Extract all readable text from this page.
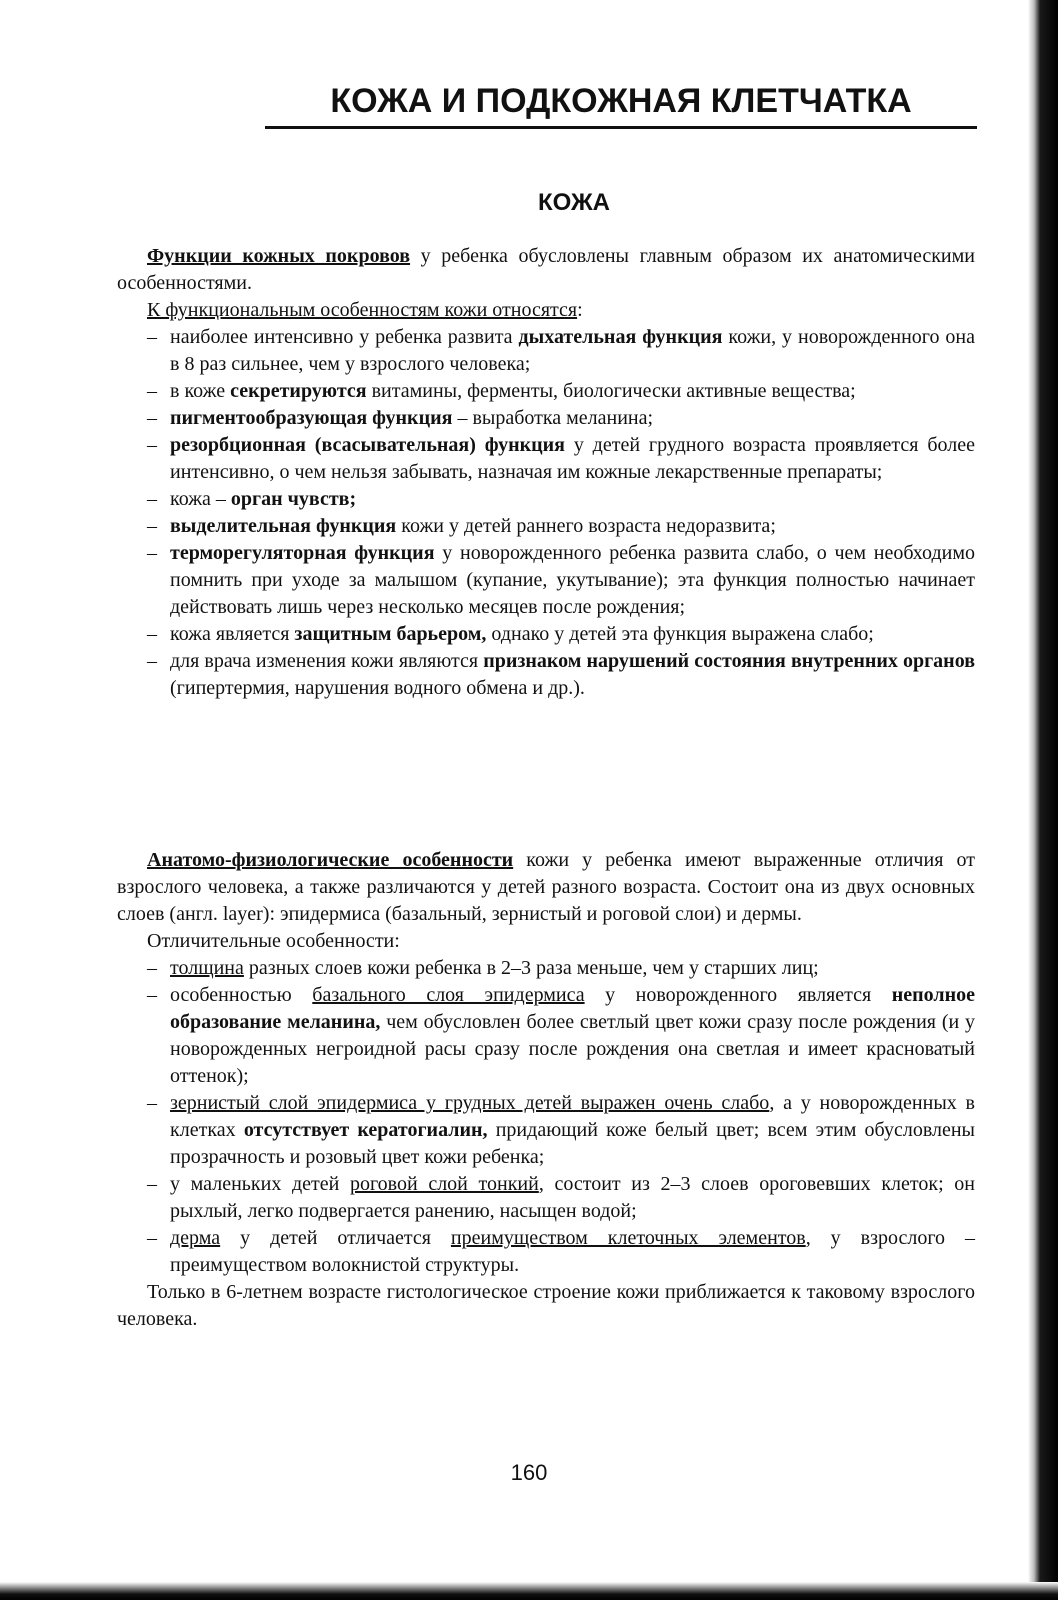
КОЖА И ПОДКОЖНАЯ КЛЕТЧАТКА
КОЖА

Функции кожных покровов у ребенка обусловлены главным образом их анатомическими особенностями.

К функциональным особенностям кожи относятся:

– наиболее интенсивно у ребенка развита дыхательная функция кожи, у новорожденного она в 8 раз сильнее, чем у взрослого человека;
– в коже секретируются витамины, ферменты, биологически активные вещества;
– пигментообразующая функция – выработка меланина;
– резорбционная (всасывательная) функция у детей грудного возраста проявляется более интенсивно, о чем нельзя забывать, назначая им кожные лекарственные препараты;
– кожа – орган чувств;
– выделительная функция кожи у детей раннего возраста недоразвита;
– терморегуляторная функция у новорожденного ребенка развита слабо, о чем необходимо помнить при уходе за малышом (купание, укутывание); эта функция полностью начинает действовать лишь через несколько месяцев после рождения;
– кожа является защитным барьером, однако у детей эта функция выражена слабо;
– для врача изменения кожи являются признаком нарушений состояния внутренних органов (гипертермия, нарушения водного обмена и др.).

Анатомо-физиологические особенности кожи у ребенка имеют выраженные отличия от взрослого человека, а также различаются у детей разного возраста. Состоит она из двух основных слоев (англ. layer): эпидермиса (базальный, зернистый и роговой слои) и дермы.

Отличительные особенности:

– толщина разных слоев кожи ребенка в 2–3 раза меньше, чем у старших лиц;
– особенностью базального слоя эпидермиса у новорожденного является неполное образование меланина, чем обусловлен более светлый цвет кожи сразу после рождения (и у новорожденных негроидной расы сразу после рождения она светлая и имеет красноватый оттенок);
– зернистый слой эпидермиса у грудных детей выражен очень слабо, а у новорожденных в клетках отсутствует кератогиалин, придающий коже белый цвет; всем этим обусловлены прозрачность и розовый цвет кожи ребенка;
– у маленьких детей роговой слой тонкий, состоит из 2–3 слоев ороговевших клеток; он рыхлый, легко подвергается ранению, насыщен водой;
– дерма у детей отличается преимуществом клеточных элементов, у взрослого – преимуществом волокнистой структуры.

Только в 6-летнем возрасте гистологическое строение кожи приближается к таковому взрослого человека.

160
